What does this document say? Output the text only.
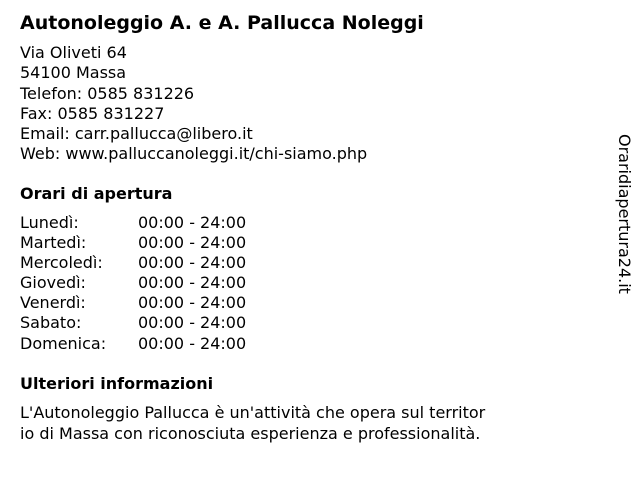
Autonoleggio A. e A. Pallucca Noleggi
Via Oliveti 64
54100 Massa
Telefon: 0585 831226
Fax: 0585 831227
Email: carr.pallucca@libero.it
Web: www.palluccanoleggi.it/chi-siamo.php
Orari di apertura
Lunedì:	00:00 - 24:00
Martedì:	00:00 - 24:00
Mercoledì: 00:00 - 24:00
Giovedì:	00:00 - 24:00
Venerdì:	00:00 - 24:00
Sabato:	00:00 - 24:00
Domenica: 00:00 - 24:00
Ulteriori informazioni
L'Autonoleggio Pallucca è un'attività che opera sul territor
io di Massa con riconosciuta esperienza e professionalità.
Oraridiapertura24.it
